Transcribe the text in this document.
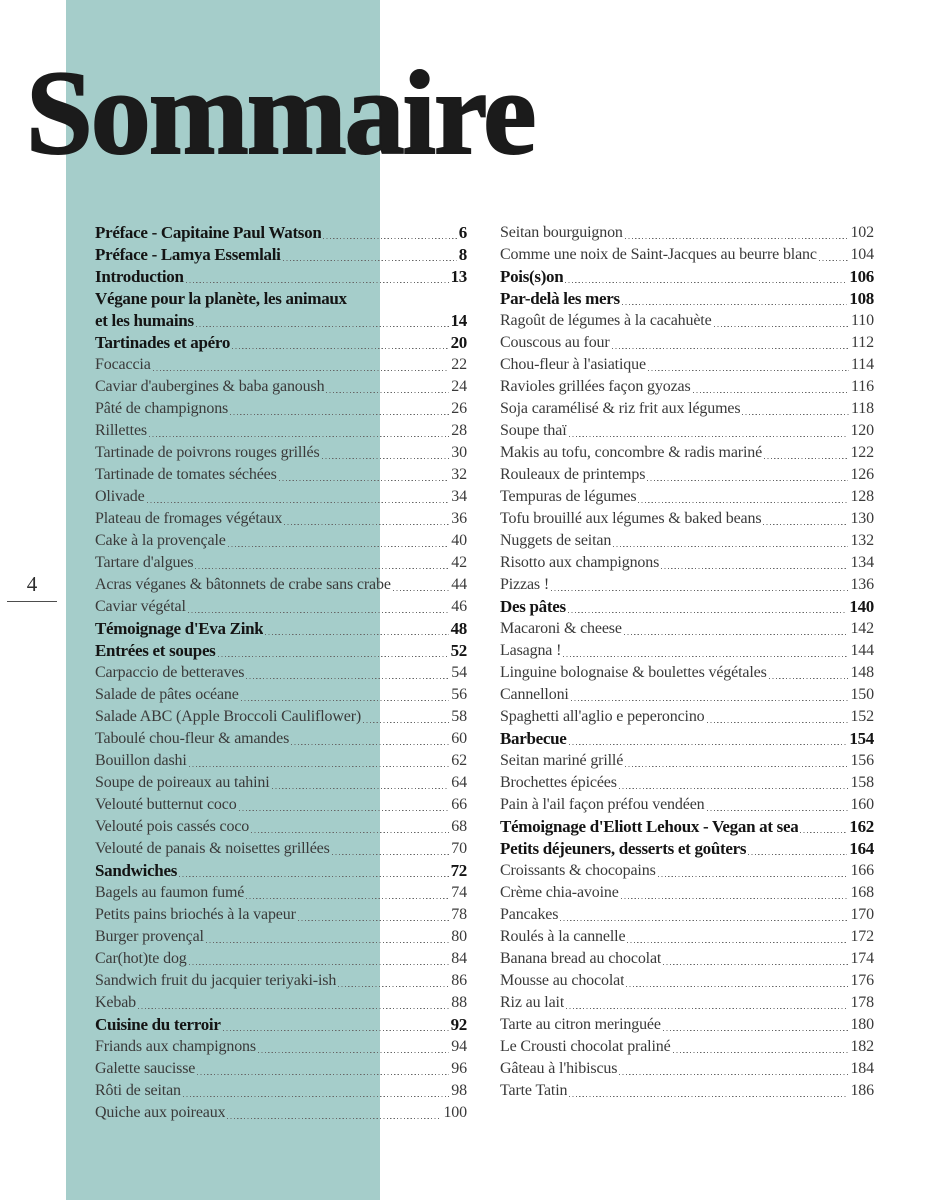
Sommaire
4
Préface - Capitaine Paul Watson	6
Préface - Lamya Essemlali	8
Introduction	13
Végane pour la planète, les animaux
et les humains	14
Tartinades et apéro	20
Focaccia	22
Caviar d'aubergines & baba ganoush	24
Pâté de champignons	26
Rillettes	28
Tartinade de poivrons rouges grillés	30
Tartinade de tomates séchées	32
Olivade	34
Plateau de fromages végétaux	36
Cake à la provençale	40
Tartare d'algues	42
Acras véganes & bâtonnets de crabe sans crabe	44
Caviar végétal	46
Témoignage d'Eva Zink	48
Entrées et soupes	52
Carpaccio de betteraves	54
Salade de pâtes océane	56
Salade ABC (Apple Broccoli Cauliflower)	58
Taboulé chou-fleur & amandes	60
Bouillon dashi	62
Soupe de poireaux au tahini	64
Velouté butternut coco	66
Velouté pois cassés coco	68
Velouté de panais & noisettes grillées	70
Sandwiches	72
Bagels au faumon fumé	74
Petits pains briochés à la vapeur	78
Burger provençal	80
Car(hot)te dog	84
Sandwich fruit du jacquier teriyaki-ish	86
Kebab	88
Cuisine du terroir	92
Friands aux champignons	94
Galette saucisse	96
Rôti de seitan	98
Quiche aux poireaux	100
Seitan bourguignon	102
Comme une noix de Saint-Jacques au beurre blanc 104
Pois(s)on	106
Par-delà les mers	108
Ragoût de légumes à la cacahuète	110
Couscous au four	112
Chou-fleur à l'asiatique	114
Ravioles grillées façon gyozas	116
Soja caramélisé & riz frit aux légumes	118
Soupe thaï	120
Makis au tofu, concombre & radis mariné	122
Rouleaux de printemps	126
Tempuras de légumes	128
Tofu brouillé aux légumes & baked beans	130
Nuggets de seitan	132
Risotto aux champignons	134
Pizzas !	136
Des pâtes	140
Macaroni & cheese	142
Lasagna !	144
Linguine bolognaise & boulettes végétales	148
Cannelloni	150
Spaghetti all'aglio e peperoncino	152
Barbecue	154
Seitan mariné grillé	156
Brochettes épicées	158
Pain à l'ail façon préfou vendéen	160
Témoignage d'Eliott Lehoux - Vegan at sea	162
Petits déjeuners, desserts et goûters	164
Croissants & chocopains	166
Crème chia-avoine	168
Pancakes	170
Roulés à la cannelle	172
Banana bread au chocolat	174
Mousse au chocolat	176
Riz au lait	178
Tarte au citron meringuée	180
Le Crousti chocolat praliné	182
Gâteau à l'hibiscus	184
Tarte Tatin	186
